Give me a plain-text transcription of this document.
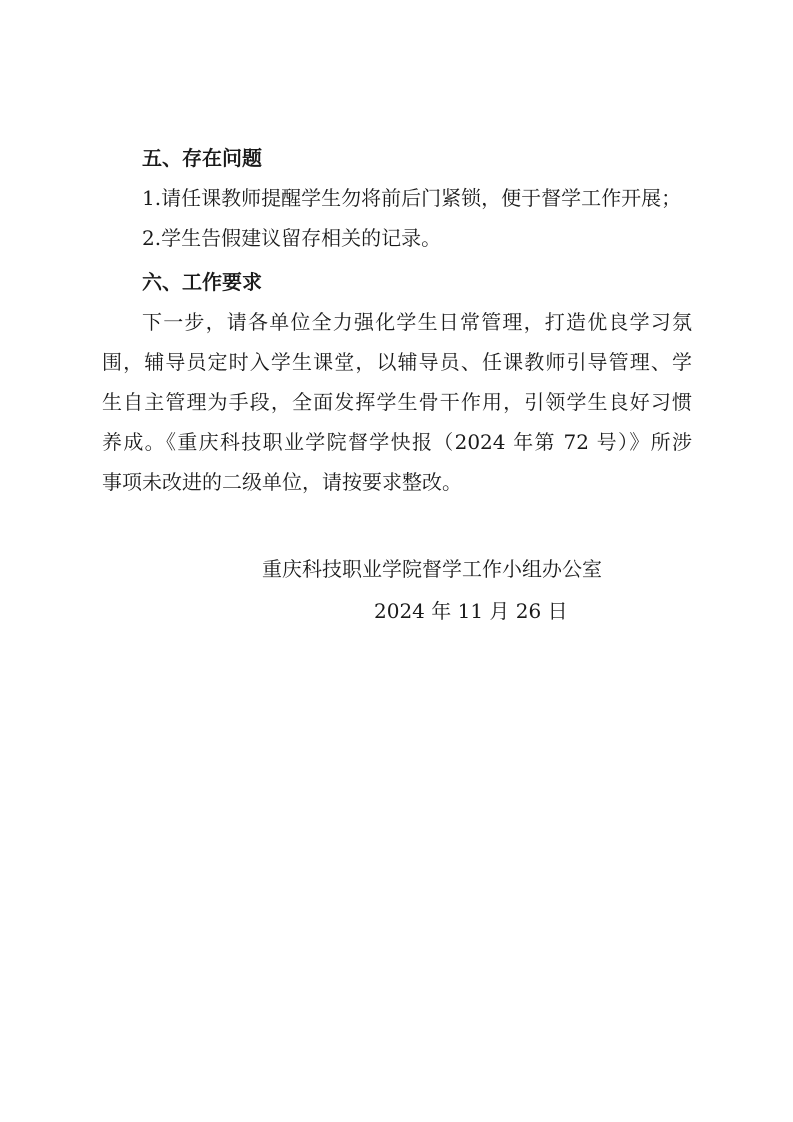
五、存在问题
1.请任课教师提醒学生勿将前后门紧锁，便于督学工作开展；
2.学生告假建议留存相关的记录。
六、工作要求
下一步，请各单位全力强化学生日常管理，打造优良学习氛
围，辅导员定时入学生课堂，以辅导员、任课教师引导管理、学
生自主管理为手段，全面发挥学生骨干作用，引领学生良好习惯
养成。《重庆科技职业学院督学快报（2024 年第 72 号）》所涉
事项未改进的二级单位，请按要求整改。
重庆科技职业学院督学工作小组办公室
2024 年 11 月 26 日
